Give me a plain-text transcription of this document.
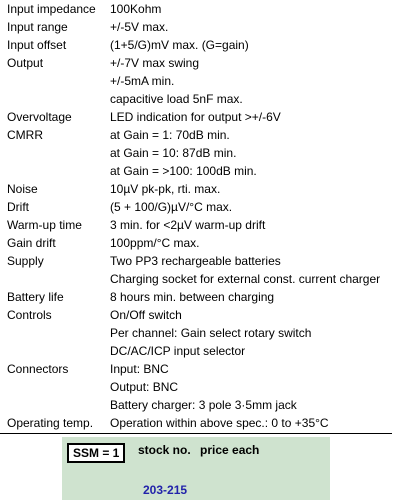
Input impedance	100Kohm
Input range	+/-5V max.
Input offset	(1+5/G)mV max. (G=gain)
Output	+/-7V max swing
+/-5mA min.
capacitive load 5nF max.
Overvoltage	LED indication for output >+/-6V
CMRR	at Gain = 1: 70dB min.
at Gain = 10: 87dB min.
at Gain = >100: 100dB min.
Noise	10µV pk-pk, rti. max.
Drift	(5 + 100/G)µV/°C max.
Warm-up time	3 min. for <2µV warm-up drift
Gain drift	100ppm/°C max.
Supply	Two PP3 rechargeable batteries
Charging socket for external const. current charger
Battery life	8 hours min. between charging
Controls	On/Off switch
Per channel: Gain select rotary switch
DC/AC/ICP input selector
Connectors	Input: BNC
Output: BNC
Battery charger: 3 pole 3·5mm jack
Operating temp.	Operation within above spec.: 0 to +35°C
SSM = 1	stock no. price each
203-215
